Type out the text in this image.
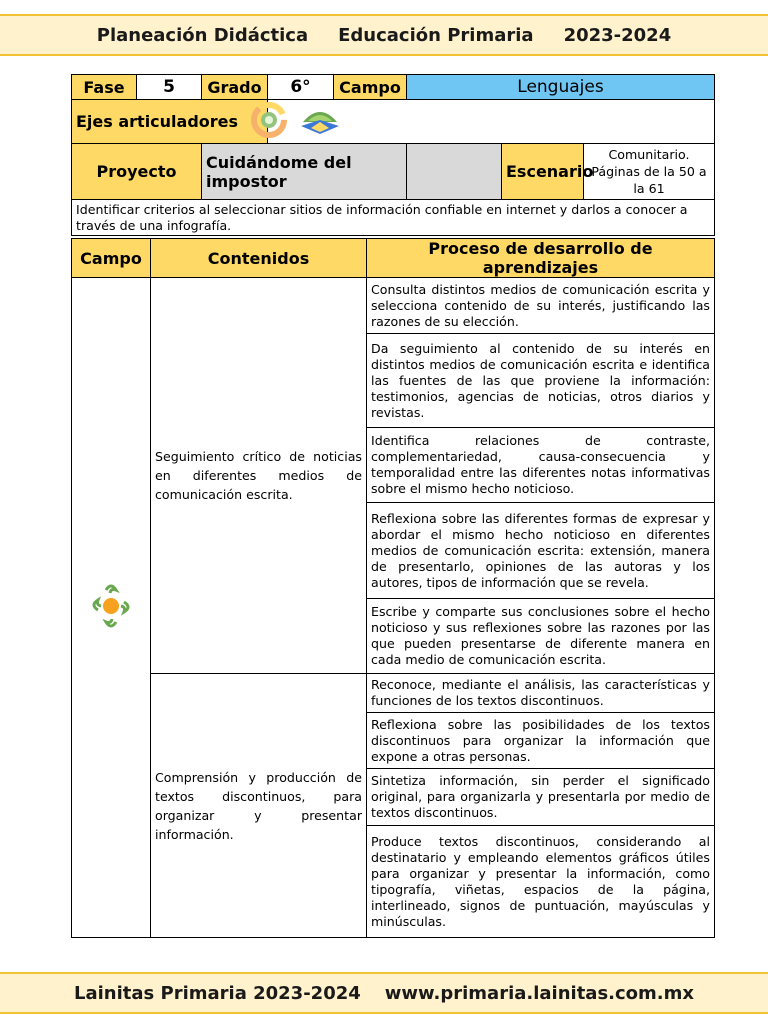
Planeación Didáctica Educación Primaria 2023-2024
Fase	5	Grado	6°	Campo	Lenguajes		
Ejes articuladores	
Proyecto		Cuidándome del impostor				Escenario	Comunitario. Páginas de la 50 a la 61
Identificar criterios al seleccionar sitios de información confiable en internet y darlos a conocer a través de una infografía.							
Campo	Contenidos	Proceso de desarrollo de aprendizajes
	Seguimiento crítico de noticias en diferentes medios de comunicación escrita.	Consulta distintos medios de comunicación escrita y selecciona contenido de su interés, justificando las razones de su elección.
		Da seguimiento al contenido de su interés en distintos medios de comunicación escrita e identifica las fuentes de las que proviene la información: testimonios, agencias de noticias, otros diarios y revistas.
		Identifica relaciones de contraste, complementariedad, causa-consecuencia y temporalidad entre las diferentes notas informativas sobre el mismo hecho noticioso.
		Reflexiona sobre las diferentes formas de expresar y abordar el mismo hecho noticioso en diferentes medios de comunicación escrita: extensión, manera de presentarlo, opiniones de las autoras y los autores, tipos de información que se revela.
		Escribe y comparte sus conclusiones sobre el hecho noticioso y sus reflexiones sobre las razones por las que pueden presentarse de diferente manera en cada medio de comunicación escrita.
	Comprensión y producción de textos discontinuos, para organizar y presentar información.	Reconoce, mediante el análisis, las características y funciones de los textos discontinuos.
		Reflexiona sobre las posibilidades de los textos discontinuos para organizar la información que expone a otras personas.
		Sintetiza información, sin perder el significado original, para organizarla y presentarla por medio de textos discontinuos.
		Produce textos discontinuos, considerando al destinatario y empleando elementos gráficos útiles para organizar y presentar la información, como tipografía, viñetas, espacios de la página, interlineado, signos de puntuación, mayúsculas y minúsculas.
Lainitas Primaria 2023-2024 www.primaria.lainitas.com.mx
